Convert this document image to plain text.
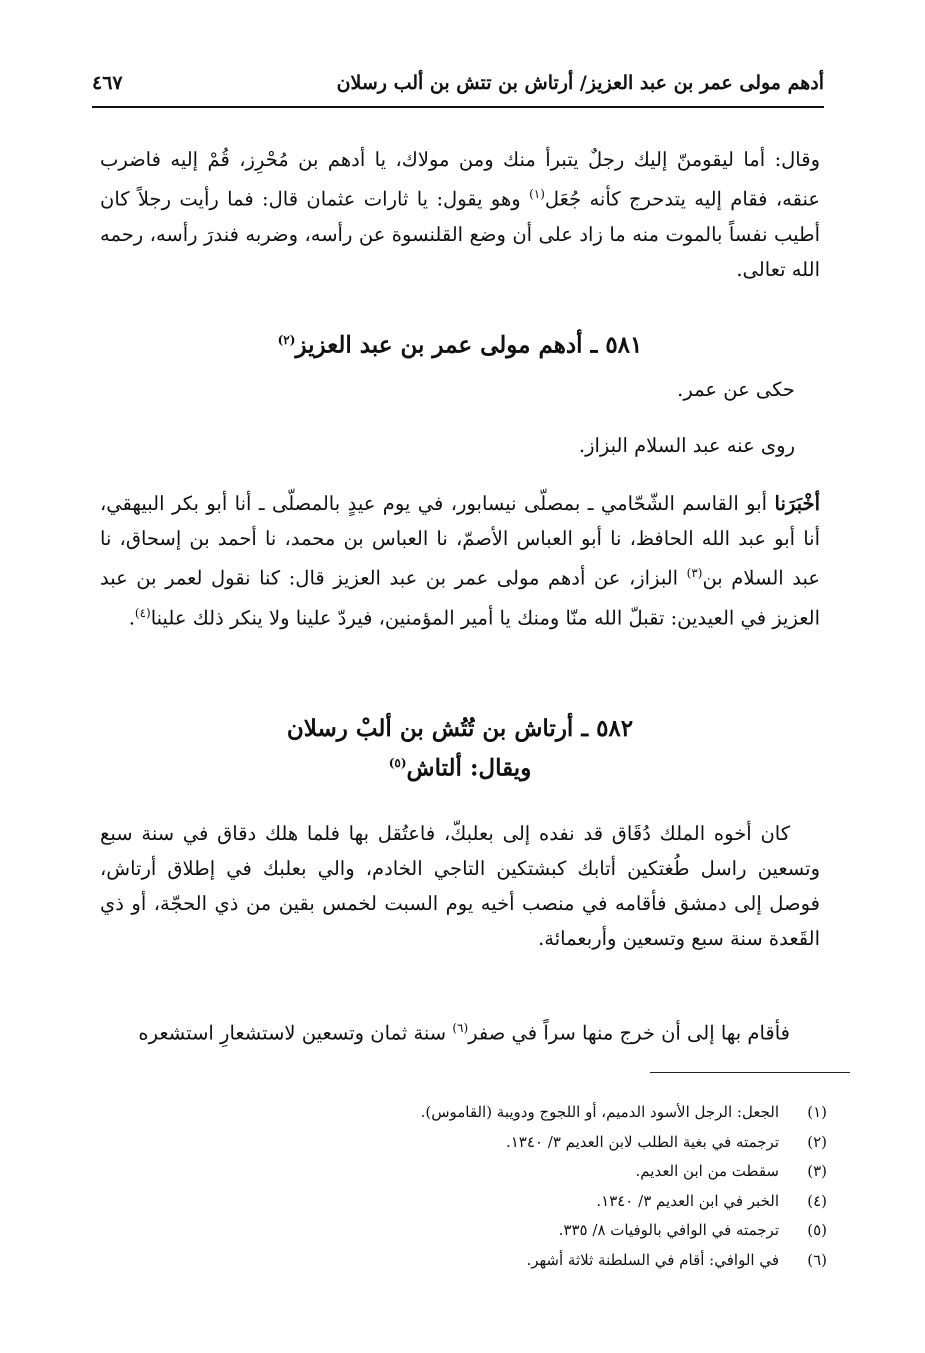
أدهم مولى عمر بن عبد العزيز/ أرتاش بن تتش بن ألب رسلان
٤٦٧
وقال: أما ليقومنّ إليك رجلٌ يتبرأ منك ومن مولاك، يا أدهم بن مُحْرِز، قُمْ إليه فاضرب عنقه، فقام إليه يتدحرج كأنه جُعَل$^{(١)}$ وهو يقول: يا ثارات عثمان قال: فما رأيت رجلاً كان أطيب نفساً بالموت منه ما زاد على أن وضع القلنسوة عن رأسه، وضربه فندرَ رأسه، رحمه الله تعالى.
٥٨١ ـ أدهم مولى عمر بن عبد العزيز$^{(٢)}$
حكى عن عمر.
روى عنه عبد السلام البزاز.
أخْبَرَنا أبو القاسم الشّحّامي ـ بمصلّى نيسابور، في يوم عيدٍ بالمصلّى ـ أنا أبو بكر البيهقي، أنا أبو عبد الله الحافظ، نا أبو العباس الأصمّ، نا العباس بن محمد، نا أحمد بن إسحاق، نا عبد السلام بن$^{(٣)}$ البزاز، عن أدهم مولى عمر بن عبد العزيز قال: كنا نقول لعمر بن عبد العزيز في العيدين: تقبلّ الله منّا ومنك يا أمير المؤمنين، فيردّ علينا ولا ينكر ذلك علينا$^{(٤)}$.
٥٨٢ ـ أرتاش بن تُتُش بن ألبْ رسلان
ويقال: ألتاش$^{(٥)}$
كان أخوه الملك دُقَاق قد نفده إلى بعلبكّ، فاعتُقل بها فلما هلك دقاق في سنة سبع وتسعين راسل طُغتكين أتابك كبشتكين التاجي الخادم، والي بعلبك في إطلاق أرتاش، فوصل إلى دمشق فأقامه في منصب أخيه يوم السبت لخمس بقين من ذي الحجّة، أو ذي القَعدة سنة سبع وتسعين وأربعمائة.
فأقام بها إلى أن خرج منها سراً في صفر$^{(٦)}$ سنة ثمان وتسعين لاستشعارِ استشعره
(١)
الجعل: الرجل الأسود الدميم، أو اللجوج ودويبة (القاموس).
(٢)
ترجمته في بغية الطلب لابن العديم ٣/ ١٣٤٠.
(٣)
سقطت من ابن العديم.
(٤)
الخبر في ابن العديم ٣/ ١٣٤٠.
(٥)
ترجمته في الوافي بالوفيات ٨/ ٣٣٥.
(٦)
في الوافي: أقام في السلطنة ثلاثة أشهر.
